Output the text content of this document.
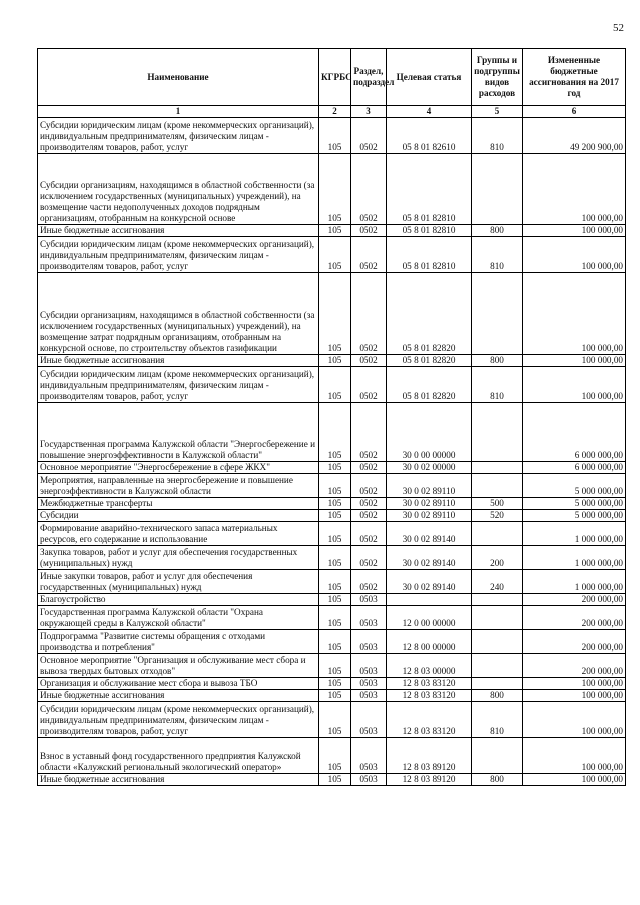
52
Наименование	КГРБС	Раздел, подраздел	Целевая статья	Группы и подгруппы видов расходов	Измененные бюджетные ассигнования на 2017 год
1	2	3	4	5	6
Субсидии юридическим лицам (кроме некоммерческих организаций), индивидуальным предпринимателям, физическим лицам - производителям товаров, работ, услуг	105	0502	05 8 01 82610	810	49 200 900,00
Субсидии организациям, находящимся в областной собственности (за исключением государственных (муниципальных) учреждений), на возмещение части недополученных доходов подрядным организациям, отобранным на конкурсной основе	105	0502	05 8 01 82810		100 000,00
Иные бюджетные ассигнования	105	0502	05 8 01 82810	800	100 000,00
Субсидии юридическим лицам (кроме некоммерческих организаций), индивидуальным предпринимателям, физическим лицам - производителям товаров, работ, услуг	105	0502	05 8 01 82810	810	100 000,00
Субсидии организациям, находящимся в областной собственности (за исключением государственных (муниципальных) учреждений), на возмещение затрат подрядным организациям, отобранным на конкурсной основе, по строительству объектов газификации	105	0502	05 8 01 82820		100 000,00
Иные бюджетные ассигнования	105	0502	05 8 01 82820	800	100 000,00
Субсидии юридическим лицам (кроме некоммерческих организаций), индивидуальным предпринимателям, физическим лицам - производителям товаров, работ, услуг	105	0502	05 8 01 82820	810	100 000,00
Государственная программа Калужской области "Энергосбережение и повышение энергоэффективности в Калужской области"	105	0502	30 0 00 00000		6 000 000,00
Основное мероприятие "Энергосбережение в сфере ЖКХ"	105	0502	30 0 02 00000		6 000 000,00
Мероприятия, направленные на энергосбережение и повышение энергоэффективности в Калужской области	105	0502	30 0 02 89110		5 000 000,00
Межбюджетные трансферты	105	0502	30 0 02 89110	500	5 000 000,00
Субсидии	105	0502	30 0 02 89110	520	5 000 000,00
Формирование аварийно-технического запаса материальных ресурсов, его содержание и использование	105	0502	30 0 02 89140		1 000 000,00
Закупка товаров, работ и услуг для обеспечения государственных (муниципальных) нужд	105	0502	30 0 02 89140	200	1 000 000,00
Иные закупки товаров, работ и услуг для обеспечения государственных (муниципальных) нужд	105	0502	30 0 02 89140	240	1 000 000,00
Благоустройство	105	0503			200 000,00
Государственная программа Калужской области "Охрана окружающей среды в Калужской области"	105	0503	12 0 00 00000		200 000,00
Подпрограмма "Развитие системы обращения с отходами производства и потребления"	105	0503	12 8 00 00000		200 000,00
Основное мероприятие "Организация и обслуживание мест сбора и вывоза твердых бытовых отходов"	105	0503	12 8 03 00000		200 000,00
Организация и обслуживание мест сбора и вывоза ТБО	105	0503	12 8 03 83120		100 000,00
Иные бюджетные ассигнования	105	0503	12 8 03 83120	800	100 000,00
Субсидии юридическим лицам (кроме некоммерческих организаций), индивидуальным предпринимателям, физическим лицам - производителям товаров, работ, услуг	105	0503	12 8 03 83120	810	100 000,00
Взнос в уставный фонд государственного предприятия Калужской области «Калужский региональный экологический оператор»	105	0503	12 8 03 89120		100 000,00
Иные бюджетные ассигнования	105	0503	12 8 03 89120	800	100 000,00
